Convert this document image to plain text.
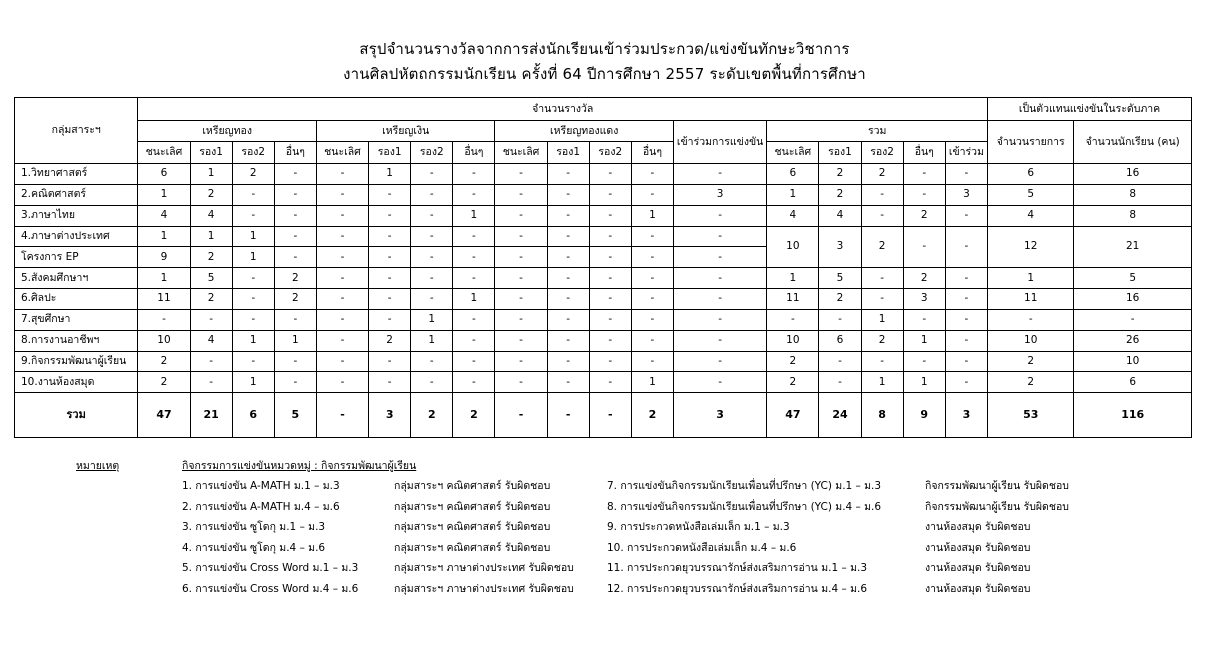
สรุปจำนวนรางวัลจากการส่งนักเรียนเข้าร่วมประกวด/แข่งขันทักษะวิชาการ
งานศิลปหัตถกรรมนักเรียน ครั้งที่ 64 ปีการศึกษา 2557 ระดับเขตพื้นที่การศึกษา
กลุ่มสาระฯ	จำนวนรางวัล																		เป็นตัวแทนแข่งขันในระดับภาค	
	เหรียญทอง				เหรียญเงิน				เหรียญทองแดง				เข้าร่วมการแข่งขัน	รวม					จำนวนรายการ	จำนวนนักเรียน (คน)
	ชนะเลิศ	รอง1	รอง2	อื่นๆ	ชนะเลิศ	รอง1	รอง2	อื่นๆ	ชนะเลิศ	รอง1	รอง2	อื่นๆ		ชนะเลิศ	รอง1	รอง2	อื่นๆ	เข้าร่วม		
1.วิทยาศาสตร์	6	1	2	-	-	1	-	-	-	-	-	-	-	6	2	2	-	-	6	16
2.คณิตศาสตร์	1	2	-	-	-	-	-	-	-	-	-	-	3	1	2	-	-	3	5	8
3.ภาษาไทย	4	4	-	-	-	-	-	1	-	-	-	1	-	4	4	-	2	-	4	8
4.ภาษาต่างประเทศ	1	1	1	-	-	-	-	-	-	-	-	-	-	10	3	2	-	-	12	21
โครงการ EP	9	2	1	-	-	-	-	-	-	-	-	-	-							
5.สังคมศึกษาฯ	1	5	-	2	-	-	-	-	-	-	-	-	-	1	5	-	2	-	1	5
6.ศิลปะ	11	2	-	2	-	-	-	1	-	-	-	-	-	11	2	-	3	-	11	16
7.สุขศึกษา	-	-	-	-	-	-	1	-	-	-	-	-	-	-	-	1	-	-	-	-
8.การงานอาชีพฯ	10	4	1	1	-	2	1	-	-	-	-	-	-	10	6	2	1	-	10	26
9.กิจกรรมพัฒนาผู้เรียน	2	-	-	-	-	-	-	-	-	-	-	-	-	2	-	-	-	-	2	10
10.งานห้องสมุด	2	-	1	-	-	-	-	-	-	-	-	1	-	2	-	1	1	-	2	6
รวม	47	21	6	5	-	3	2	2	-	-	-	2	3	47	24	8	9	3	53	116
หมายเหตุ	กิจกรรมการแข่งขันหมวดหมู่ : กิจกรรมพัฒนาผู้เรียน
1. การแข่งขัน A-MATH ม.1 – ม.3	กลุ่มสาระฯ คณิตศาสตร์ รับผิดชอบ
2. การแข่งขัน A-MATH ม.4 – ม.6	กลุ่มสาระฯ คณิตศาสตร์ รับผิดชอบ
3. การแข่งขัน ซูโดกุ ม.1 – ม.3	กลุ่มสาระฯ คณิตศาสตร์ รับผิดชอบ
4. การแข่งขัน ซูโดกุ ม.4 – ม.6	กลุ่มสาระฯ คณิตศาสตร์ รับผิดชอบ
5. การแข่งขัน Cross Word ม.1 – ม.3	กลุ่มสาระฯ ภาษาต่างประเทศ รับผิดชอบ
6. การแข่งขัน Cross Word ม.4 – ม.6	กลุ่มสาระฯ ภาษาต่างประเทศ รับผิดชอบ
7. การแข่งขันกิจกรรมนักเรียนเพื่อนที่ปรึกษา (YC) ม.1 – ม.3	กิจกรรมพัฒนาผู้เรียน รับผิดชอบ
8. การแข่งขันกิจกรรมนักเรียนเพื่อนที่ปรึกษา (YC) ม.4 – ม.6	กิจกรรมพัฒนาผู้เรียน รับผิดชอบ
9. การประกวดหนังสือเล่มเล็ก ม.1 – ม.3	งานห้องสมุด รับผิดชอบ
10. การประกวดหนังสือเล่มเล็ก ม.4 – ม.6	งานห้องสมุด รับผิดชอบ
11. การประกวดยุวบรรณารักษ์ส่งเสริมการอ่าน ม.1 – ม.3	งานห้องสมุด รับผิดชอบ
12. การประกวดยุวบรรณารักษ์ส่งเสริมการอ่าน ม.4 – ม.6	งานห้องสมุด รับผิดชอบ
